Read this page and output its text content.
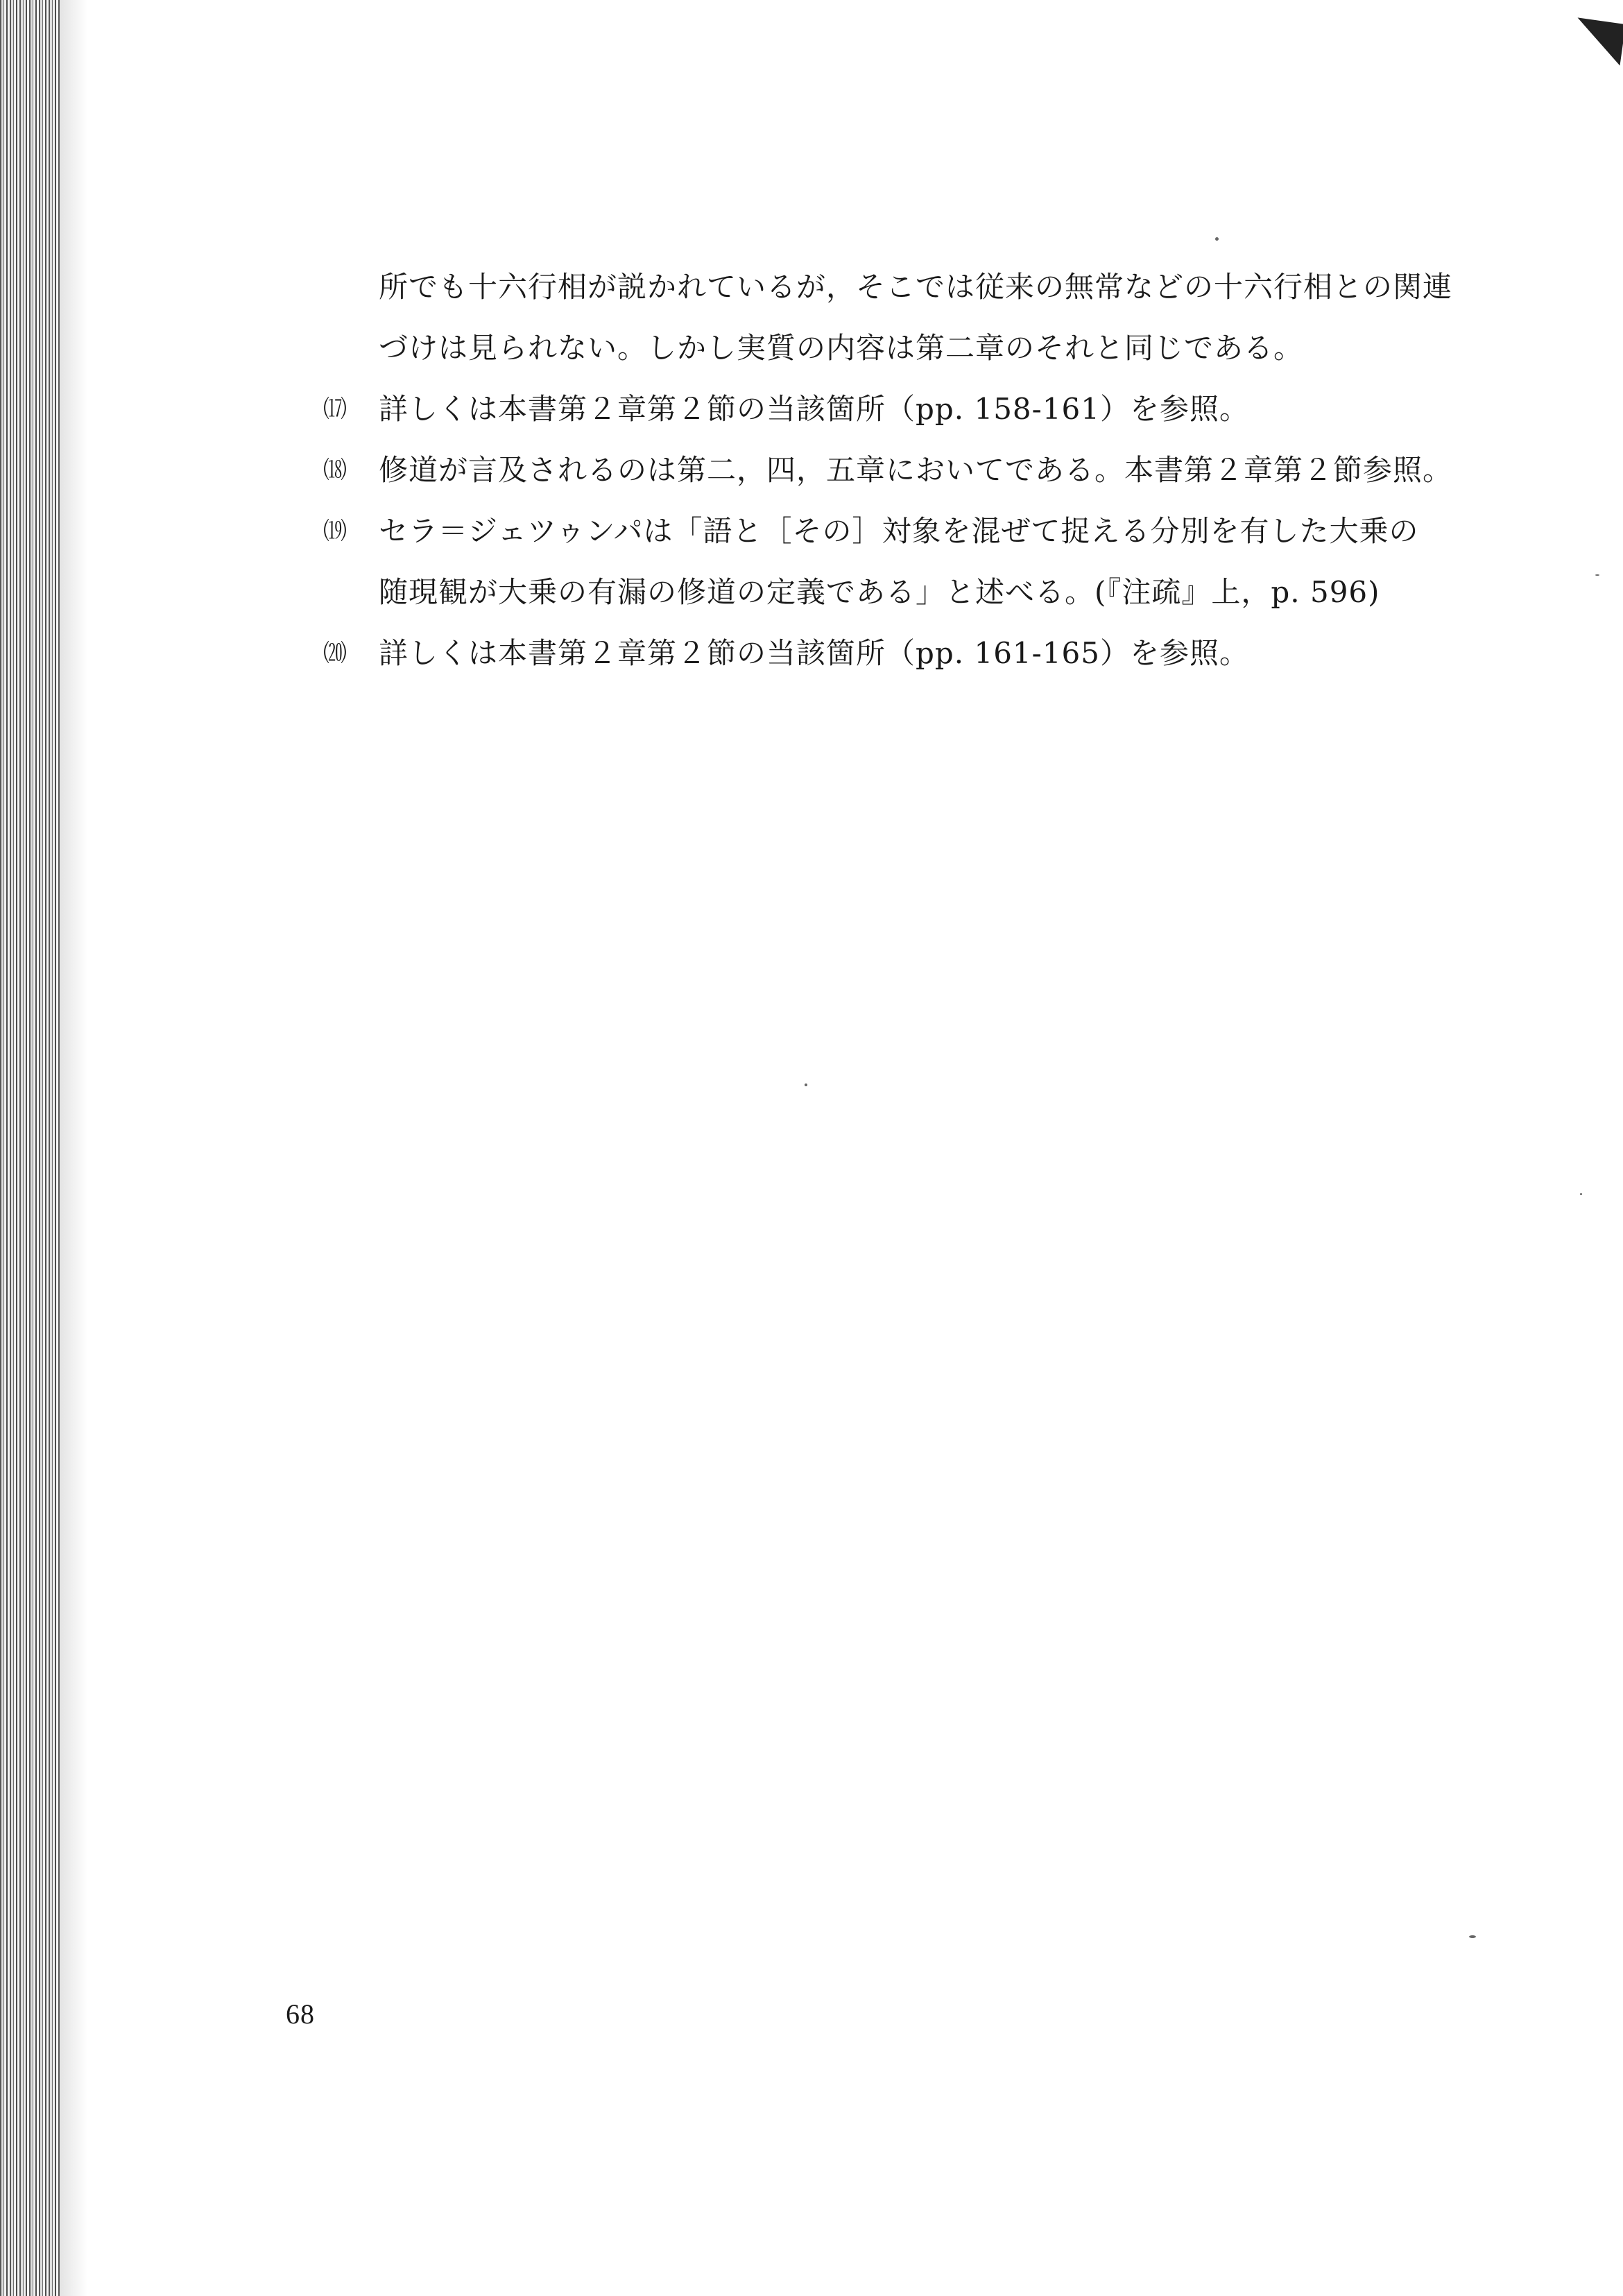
所でも十六行相が説かれているが，そこでは従来の無常などの十六行相との関連
づけは見られない。しかし実質の内容は第二章のそれと同じである。
⒄	詳しくは本書第２章第２節の当該箇所（pp. 158-161）を参照。
⒅	修道が言及されるのは第二，四，五章においてである。本書第２章第２節参照。
⒆	セラ＝ジェツゥンパは「語と［その］対象を混ぜて捉える分別を有した大乗の
随現観が大乗の有漏の修道の定義である」と述べる。(『注疏』上，p. 596)
⒇	詳しくは本書第２章第２節の当該箇所（pp. 161-165）を参照。
68
